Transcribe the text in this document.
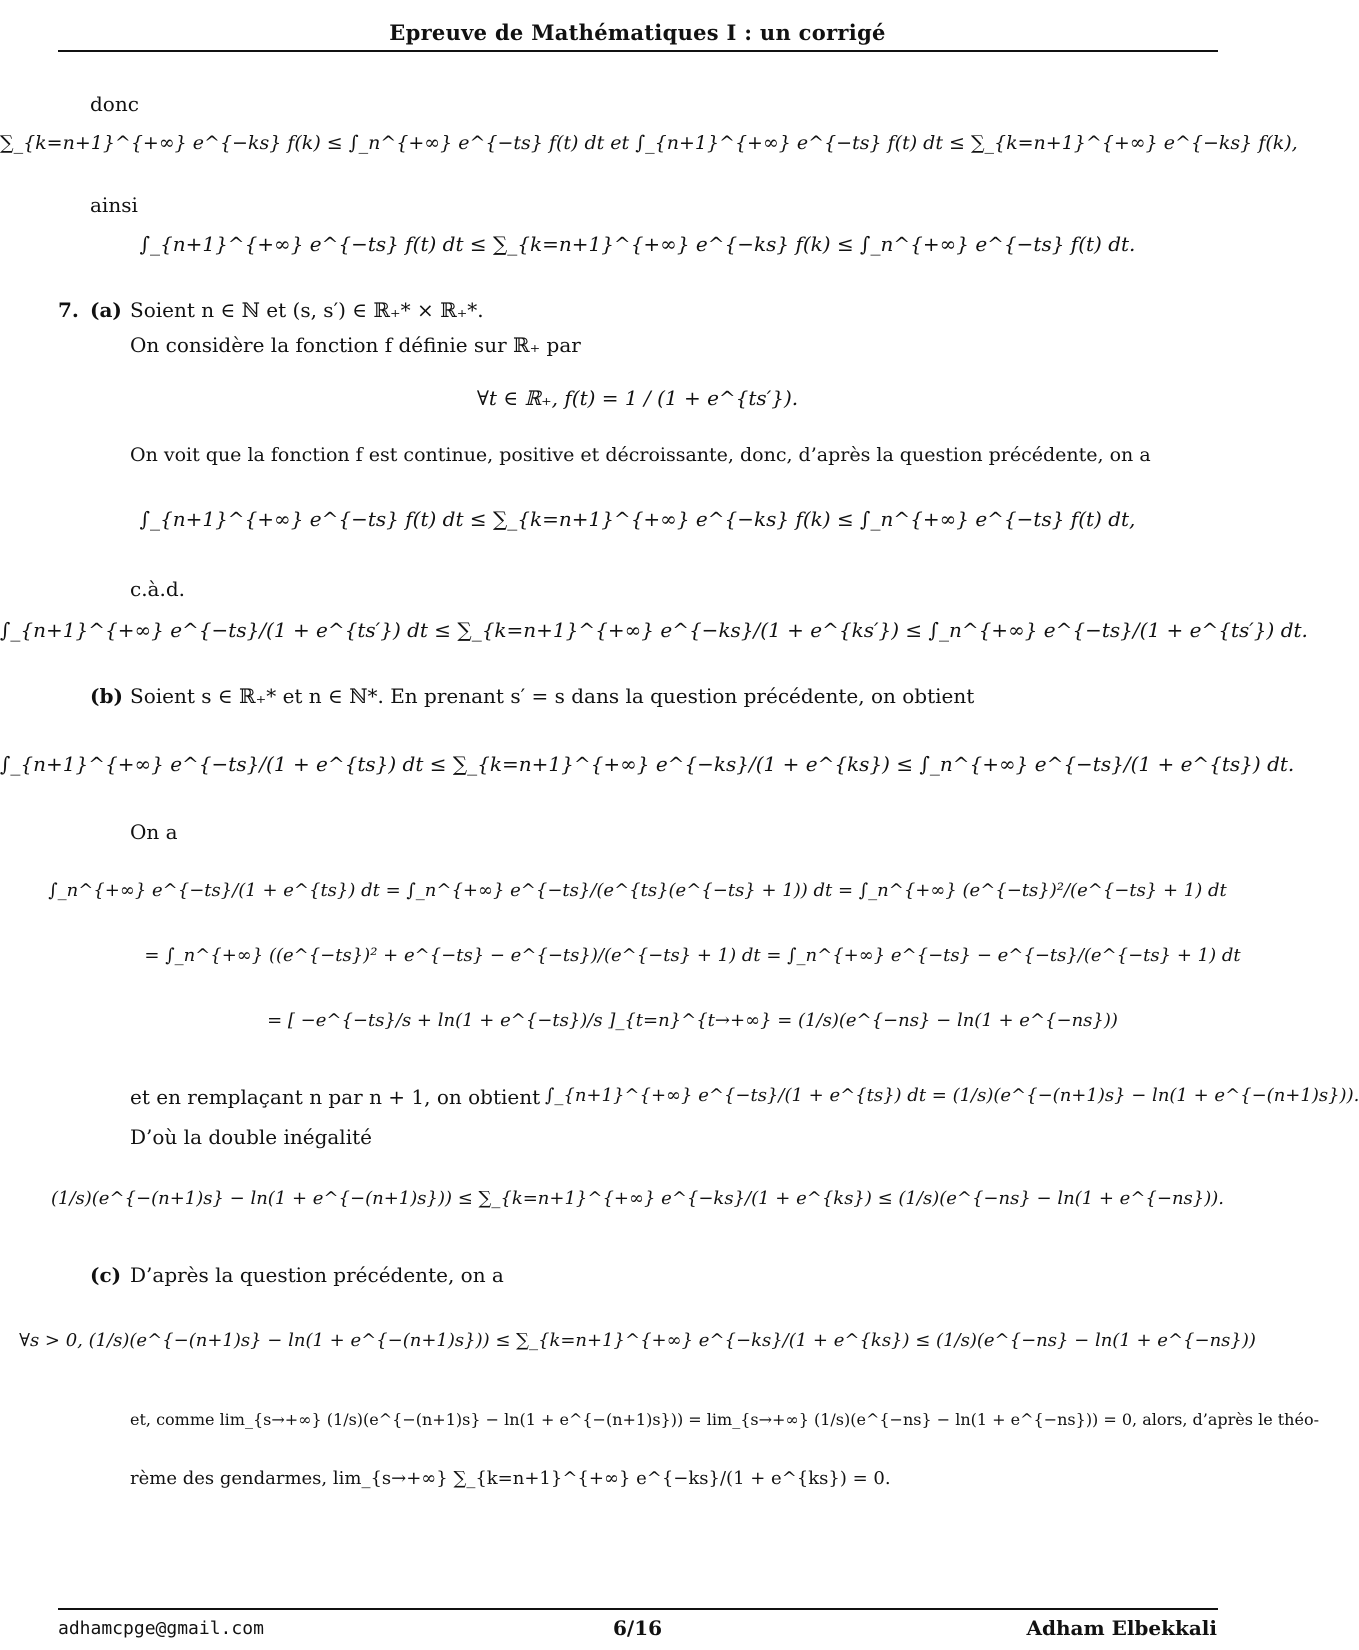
Epreuve de Mathématiques I : un corrigé
donc
∑_{k=n+1}^{+∞} e^{−ks} f(k) ≤ ∫_n^{+∞} e^{−ts} f(t) dt et ∫_{n+1}^{+∞} e^{−ts} f(t) dt ≤ ∑_{k=n+1}^{+∞} e^{−ks} f(k),
ainsi
∫_{n+1}^{+∞} e^{−ts} f(t) dt ≤ ∑_{k=n+1}^{+∞} e^{−ks} f(k) ≤ ∫_n^{+∞} e^{−ts} f(t) dt.
7. (a) Soient n ∈ ℕ et (s, s′) ∈ ℝ₊* × ℝ₊*.
On considère la fonction f définie sur ℝ₊ par
∀t ∈ ℝ₊, f(t) = 1 / (1 + e^{ts′}).
On voit que la fonction f est continue, positive et décroissante, donc, d’après la question précédente, on a
∫_{n+1}^{+∞} e^{−ts} f(t) dt ≤ ∑_{k=n+1}^{+∞} e^{−ks} f(k) ≤ ∫_n^{+∞} e^{−ts} f(t) dt,
c.à.d.
∫_{n+1}^{+∞} e^{−ts}/(1 + e^{ts′}) dt ≤ ∑_{k=n+1}^{+∞} e^{−ks}/(1 + e^{ks′}) ≤ ∫_n^{+∞} e^{−ts}/(1 + e^{ts′}) dt.
(b) Soient s ∈ ℝ₊* et n ∈ ℕ*. En prenant s′ = s dans la question précédente, on obtient
∫_{n+1}^{+∞} e^{−ts}/(1 + e^{ts}) dt ≤ ∑_{k=n+1}^{+∞} e^{−ks}/(1 + e^{ks}) ≤ ∫_n^{+∞} e^{−ts}/(1 + e^{ts}) dt.
On a
∫_n^{+∞} e^{−ts}/(1 + e^{ts}) dt = ∫_n^{+∞} e^{−ts}/(e^{ts}(e^{−ts} + 1)) dt = ∫_n^{+∞} (e^{−ts})²/(e^{−ts} + 1) dt
= ∫_n^{+∞} ((e^{−ts})² + e^{−ts} − e^{−ts})/(e^{−ts} + 1) dt = ∫_n^{+∞} e^{−ts} − e^{−ts}/(e^{−ts} + 1) dt
= [ −e^{−ts}/s + ln(1 + e^{−ts})/s ]_{t=n}^{t→+∞} = (1/s)(e^{−ns} − ln(1 + e^{−ns}))
et en remplaçant n par n + 1, on obtient ∫_{n+1}^{+∞} e^{−ts}/(1 + e^{ts}) dt = (1/s)(e^{−(n+1)s} − ln(1 + e^{−(n+1)s})).
D’où la double inégalité
(1/s)(e^{−(n+1)s} − ln(1 + e^{−(n+1)s})) ≤ ∑_{k=n+1}^{+∞} e^{−ks}/(1 + e^{ks}) ≤ (1/s)(e^{−ns} − ln(1 + e^{−ns})).
(c) D’après la question précédente, on a
∀s > 0, (1/s)(e^{−(n+1)s} − ln(1 + e^{−(n+1)s})) ≤ ∑_{k=n+1}^{+∞} e^{−ks}/(1 + e^{ks}) ≤ (1/s)(e^{−ns} − ln(1 + e^{−ns}))
et, comme lim_{s→+∞} (1/s)(e^{−(n+1)s} − ln(1 + e^{−(n+1)s})) = lim_{s→+∞} (1/s)(e^{−ns} − ln(1 + e^{−ns})) = 0, alors, d’après le théo-
rème des gendarmes, lim_{s→+∞} ∑_{k=n+1}^{+∞} e^{−ks}/(1 + e^{ks}) = 0.
adhamcpge@gmail.com	6/16	Adham Elbekkali
